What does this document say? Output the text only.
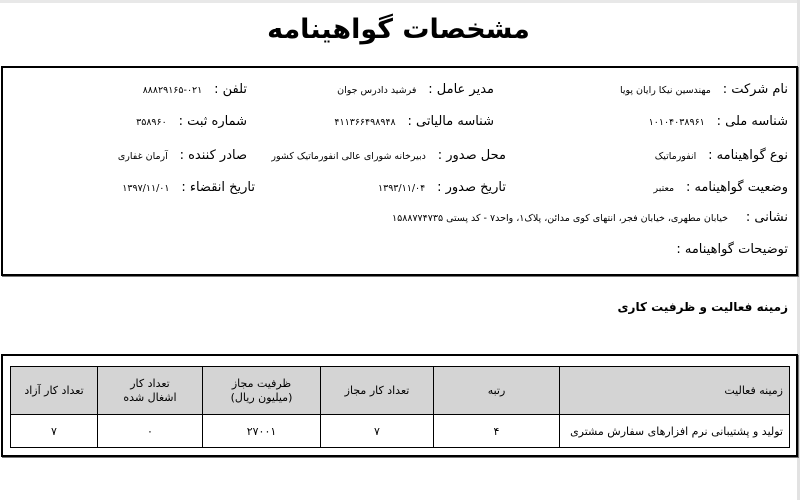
مشخصات گواهینامه
نام شرکت : مهندسین نیکا رایان پویا
مدیر عامل : فرشید دادرس جوان
تلفن : ۰۲۱-۸۸۸۲۹۱۶۵
شناسه ملی : ۱۰۱۰۴۰۳۸۹۶۱
شناسه مالیاتی : ۴۱۱۳۶۶۴۹۸۹۴۸
شماره ثبت : ۳۵۸۹۶۰
نوع گواهینامه : انفورماتیک
محل صدور : دبیرخانه شورای عالی انفورماتیک کشور
صادر کننده : آرمان غفاری
وضعیت گواهینامه : معتبر
تاریخ صدور : ۱۳۹۳/۱۱/۰۴
تاریخ انقضاء : ۱۳۹۷/۱۱/۰۱
نشانی : خیابان مطهری، خیابان فجر، انتهای کوی مدائن، پلاک۱، واحد۷ - کد پستی ۱۵۸۸۷۷۴۷۳۵
توضیحات گواهینامه :
زمینه فعالیت و ظرفیت کاری
زمینه فعالیت	رتبه	تعداد کار مجاز	ظرفیت مجاز (میلیون ریال)	تعداد کار اشغال شده	تعداد کار آزاد
تولید و پشتیبانی نرم افزارهای سفارش مشتری	۴	۷	۲۷۰۰۱	۰	۷
